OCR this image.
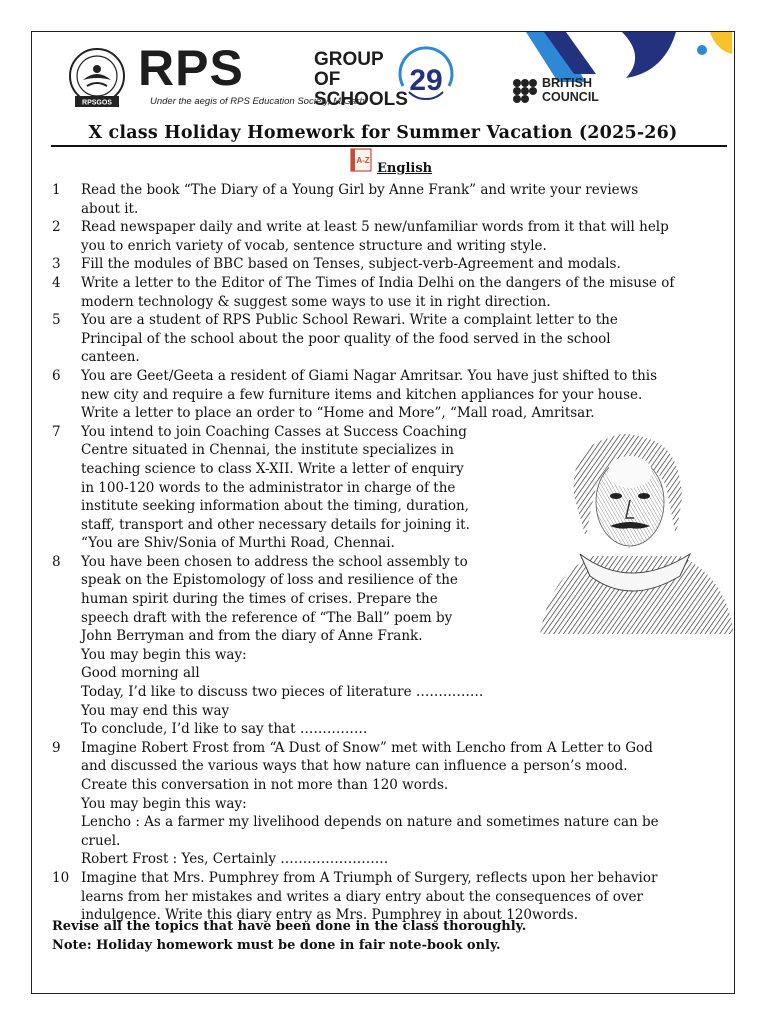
RPSGOS
RPS	GROUP OF SCHOOLS
Under the aegis of RPS Education Society, M/Garh
29	BRITISH COUNCIL
X class Holiday Homework for Summer Vacation (2025-26)
A-Z
English
1 Read the book “The Diary of a Young Girl by Anne Frank” and write your reviews
about it.
2 Read newspaper daily and write at least 5 new/unfamiliar words from it that will help
you to enrich variety of vocab, sentence structure and writing style.
3 Fill the modules of BBC based on Tenses, subject-verb-Agreement and modals.
4 Write a letter to the Editor of The Times of India Delhi on the dangers of the misuse of
modern technology & suggest some ways to use it in right direction.
5 You are a student of RPS Public School Rewari. Write a complaint letter to the
Principal of the school about the poor quality of the food served in the school
canteen.
6 You are Geet/Geeta a resident of Giami Nagar Amritsar. You have just shifted to this
new city and require a few furniture items and kitchen appliances for your house.
Write a letter to place an order to “Home and More”, “Mall road, Amritsar.
7 You intend to join Coaching Casses at Success Coaching
Centre situated in Chennai, the institute specializes in
teaching science to class X-XII. Write a letter of enquiry
in 100-120 words to the administrator in charge of the
institute seeking information about the timing, duration,
staff, transport and other necessary details for joining it.
“You are Shiv/Sonia of Murthi Road, Chennai.
8 You have been chosen to address the school assembly to
speak on the Epistomology of loss and resilience of the
human spirit during the times of crises. Prepare the
speech draft with the reference of “The Ball” poem by
John Berryman and from the diary of Anne Frank.
You may begin this way:
Good morning all
Today, I’d like to discuss two pieces of literature ……………
You may end this way
To conclude, I’d like to say that ……………
9 Imagine Robert Frost from “A Dust of Snow” met with Lencho from A Letter to God
and discussed the various ways that how nature can influence a person’s mood.
Create this conversation in not more than 120 words.
You may begin this way:
Lencho : As a farmer my livelihood depends on nature and sometimes nature can be
cruel.
Robert Frost : Yes, Certainly ……………………
10 Imagine that Mrs. Pumphrey from A Triumph of Surgery, reflects upon her behavior
learns from her mistakes and writes a diary entry about the consequences of over
indulgence. Write this diary entry as Mrs. Pumphrey in about 120words.
Revise all the topics that have been done in the class thoroughly.
Note: Holiday homework must be done in fair note-book only.
